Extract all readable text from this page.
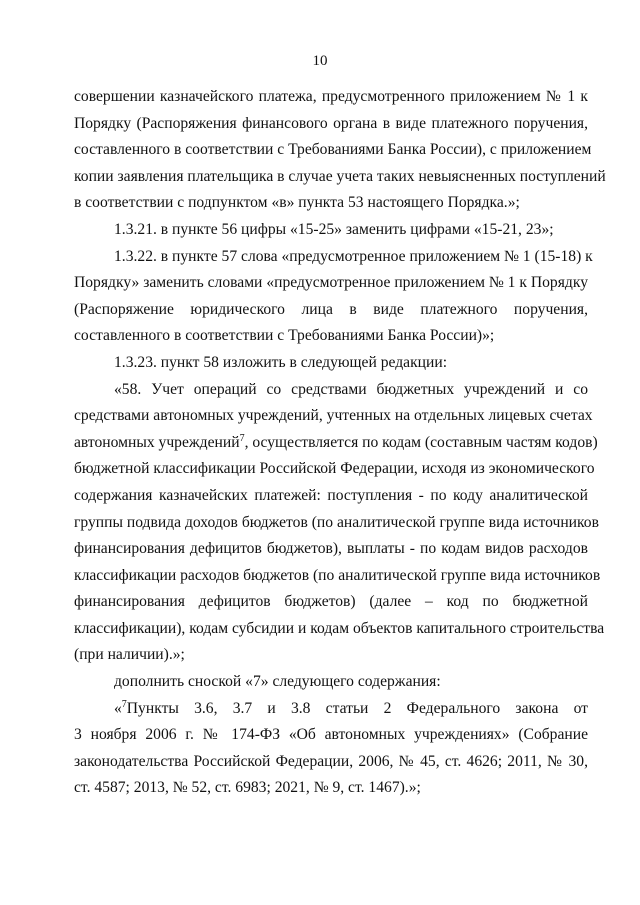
10
совершении казначейского платежа, предусмотренного приложением № 1 к
Порядку (Распоряжения финансового органа в виде платежного поручения,
составленного в соответствии с Требованиями Банка России), с приложением
копии заявления плательщика в случае учета таких невыясненных поступлений
в соответствии с подпунктом «в» пункта 53 настоящего Порядка.»;
1.3.21. в пункте 56 цифры «15-25» заменить цифрами «15-21, 23»;
1.3.22. в пункте 57 слова «предусмотренное приложением № 1 (15-18) к
Порядку» заменить словами «предусмотренное приложением № 1 к Порядку
(Распоряжение юридического лица в виде платежного поручения,
составленного в соответствии с Требованиями Банка России)»;
1.3.23. пункт 58 изложить в следующей редакции:
«58. Учет операций со средствами бюджетных учреждений и со
средствами автономных учреждений, учтенных на отдельных лицевых счетах
автономных учреждений$^7$, осуществляется по кодам (составным частям кодов)
бюджетной классификации Российской Федерации, исходя из экономического
содержания казначейских платежей: поступления - по коду аналитической
группы подвида доходов бюджетов (по аналитической группе вида источников
финансирования дефицитов бюджетов), выплаты - по кодам видов расходов
классификации расходов бюджетов (по аналитической группе вида источников
финансирования дефицитов бюджетов) (далее – код по бюджетной
классификации), кодам субсидии и кодам объектов капитального строительства
(при наличии).»;
дополнить сноской «7» следующего содержания:
«$^7$Пункты 3.6, 3.7 и 3.8 статьи 2 Федерального закона от
3 ноября 2006 г. № 174-ФЗ «Об автономных учреждениях» (Собрание
законодательства Российской Федерации, 2006, № 45, ст. 4626; 2011, № 30,
ст. 4587; 2013, № 52, ст. 6983; 2021, № 9, ст. 1467).»;
